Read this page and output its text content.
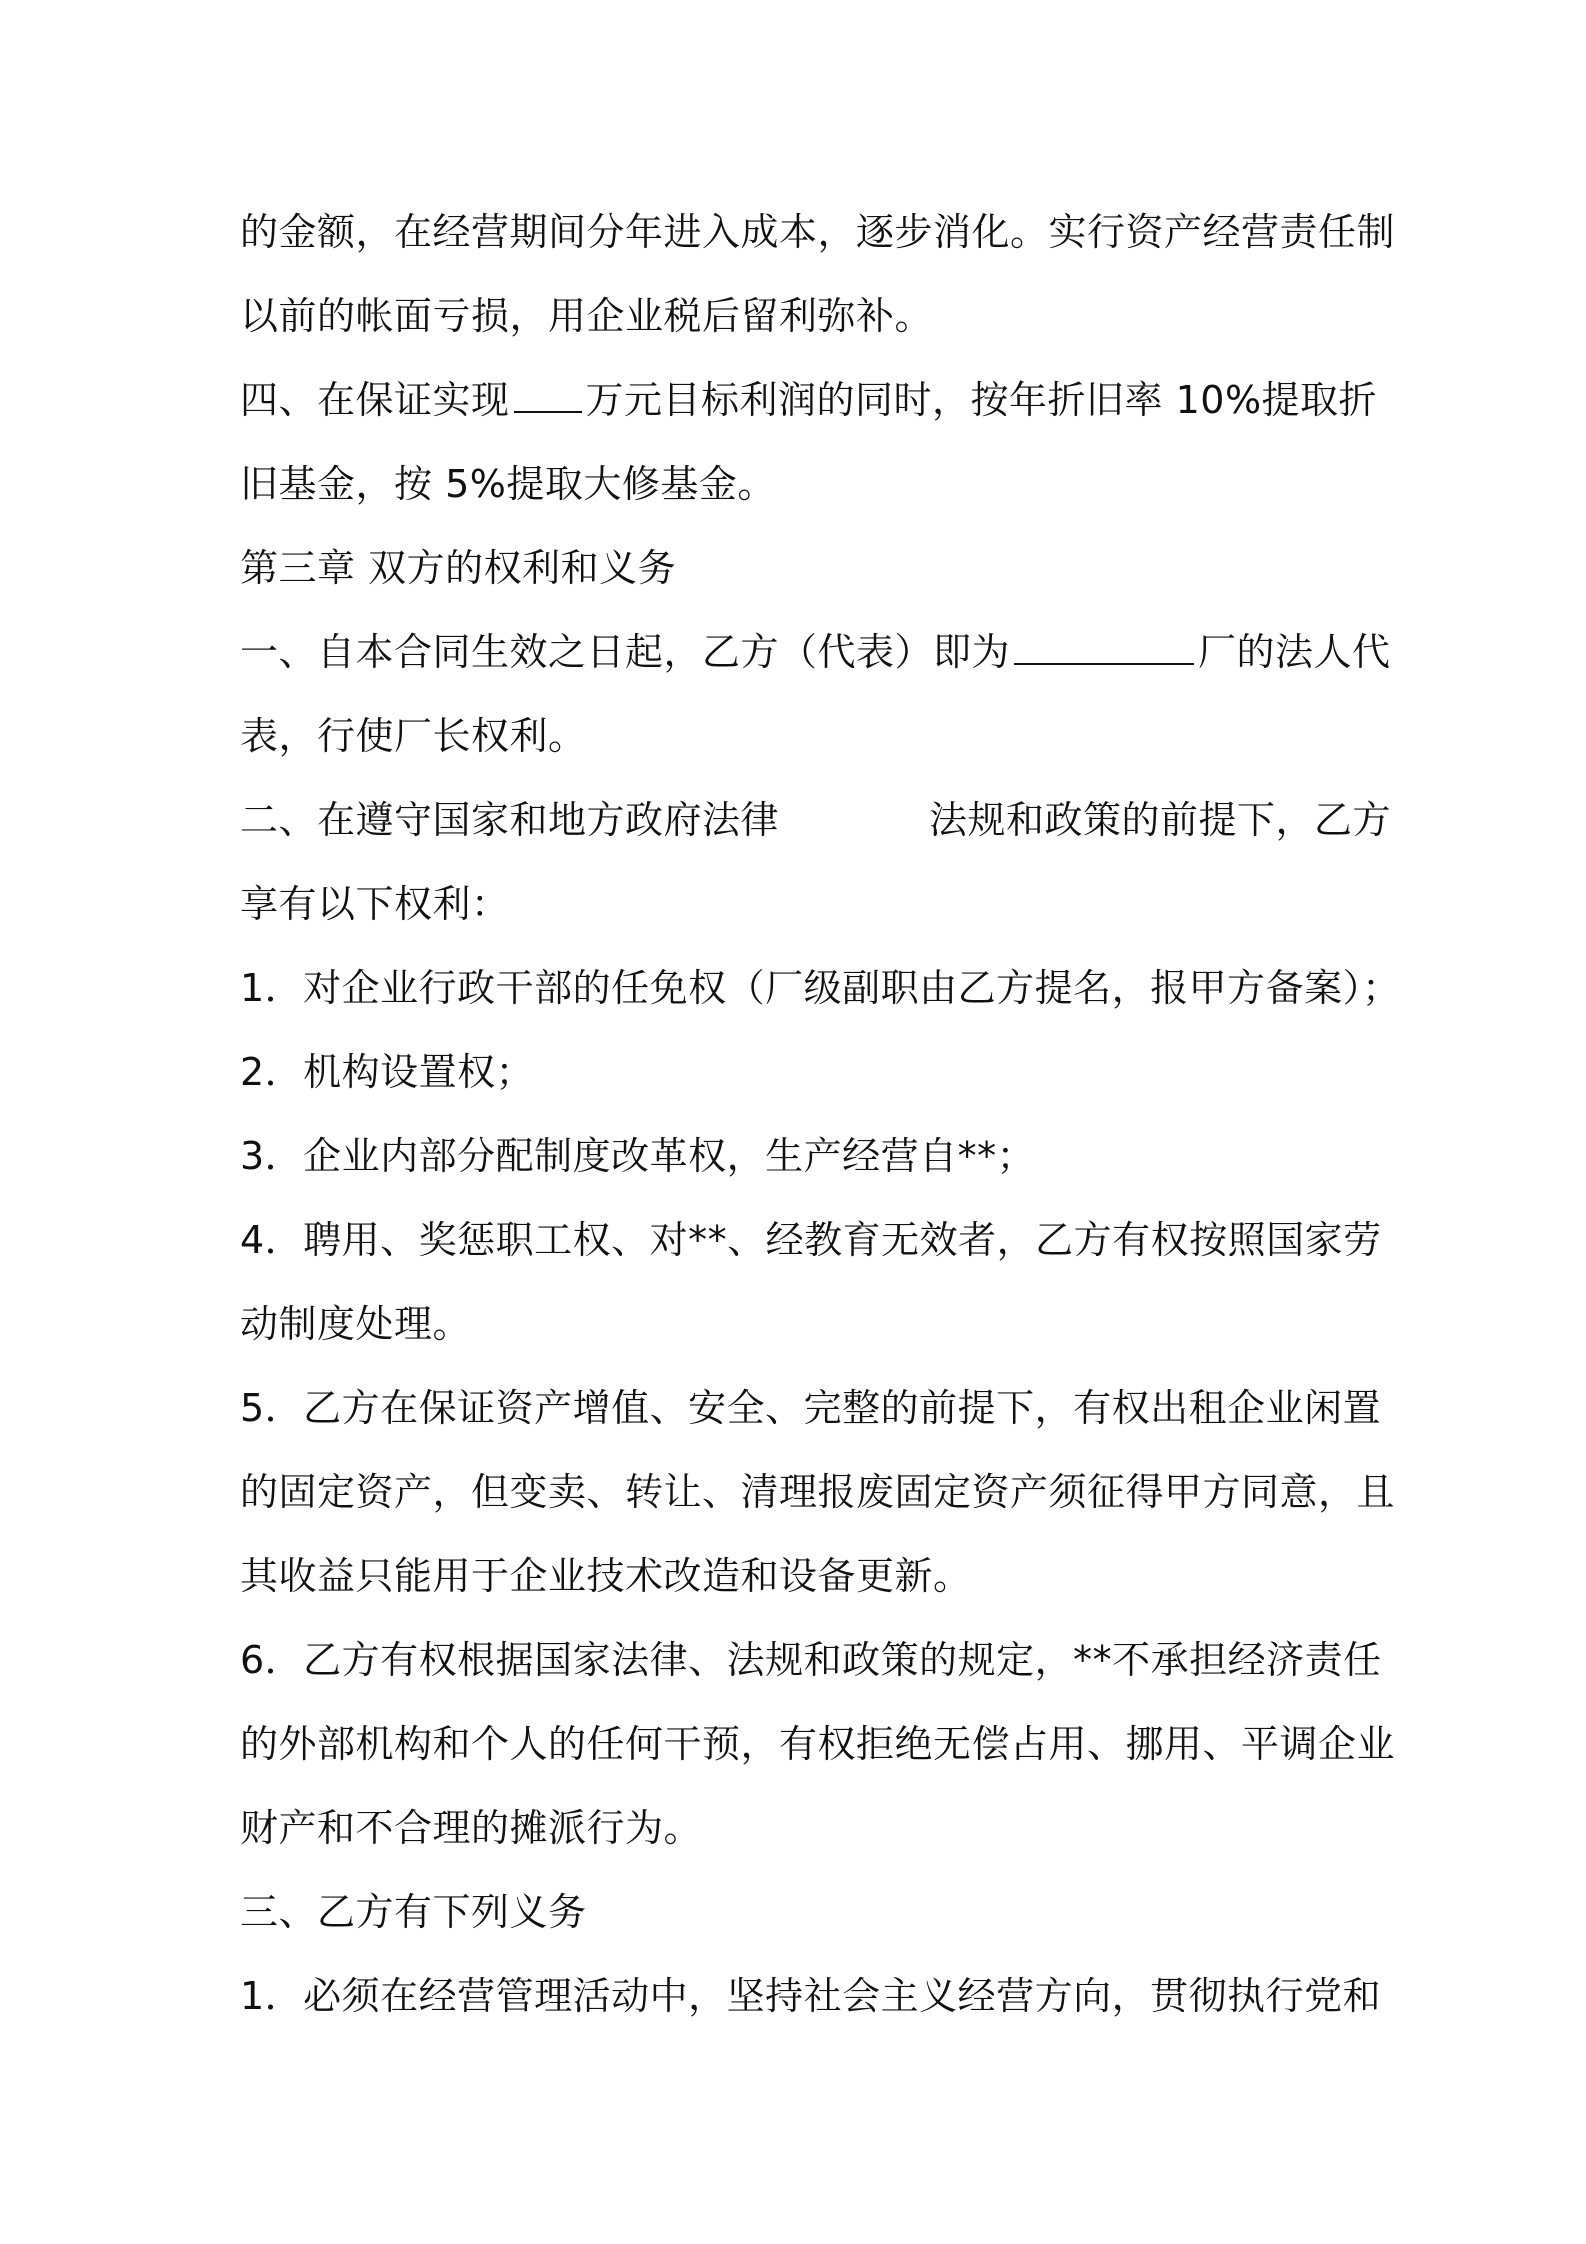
的金额，在经营期间分年进入成本，逐步消化。实行资产经营责任制
以前的帐面亏损，用企业税后留利弥补。
四、在保证实现 万元目标利润的同时，按年折旧率 10%提取折
旧基金，按 5%提取大修基金。
第三章 双方的权利和义务
一、自本合同生效之日起，乙方（代表）即为	厂的法人代
表，行使厂长权利。
二、在遵守国家和地方政府法律	法规和政策的前提下，乙方
享有以下权利：
1．对企业行政干部的任免权（厂级副职由乙方提名，报甲方备案）；
2．机构设置权；
3．企业内部分配制度改革权，生产经营自**；
4．聘用、奖惩职工权、对**、经教育无效者，乙方有权按照国家劳
动制度处理。
5．乙方在保证资产增值、安全、完整的前提下，有权出租企业闲置
的固定资产，但变卖、转让、清理报废固定资产须征得甲方同意，且
其收益只能用于企业技术改造和设备更新。
6．乙方有权根据国家法律、法规和政策的规定，**不承担经济责任
的外部机构和个人的任何干预，有权拒绝无偿占用、挪用、平调企业
财产和不合理的摊派行为。
三、乙方有下列义务
1．必须在经营管理活动中，坚持社会主义经营方向，贯彻执行党和
